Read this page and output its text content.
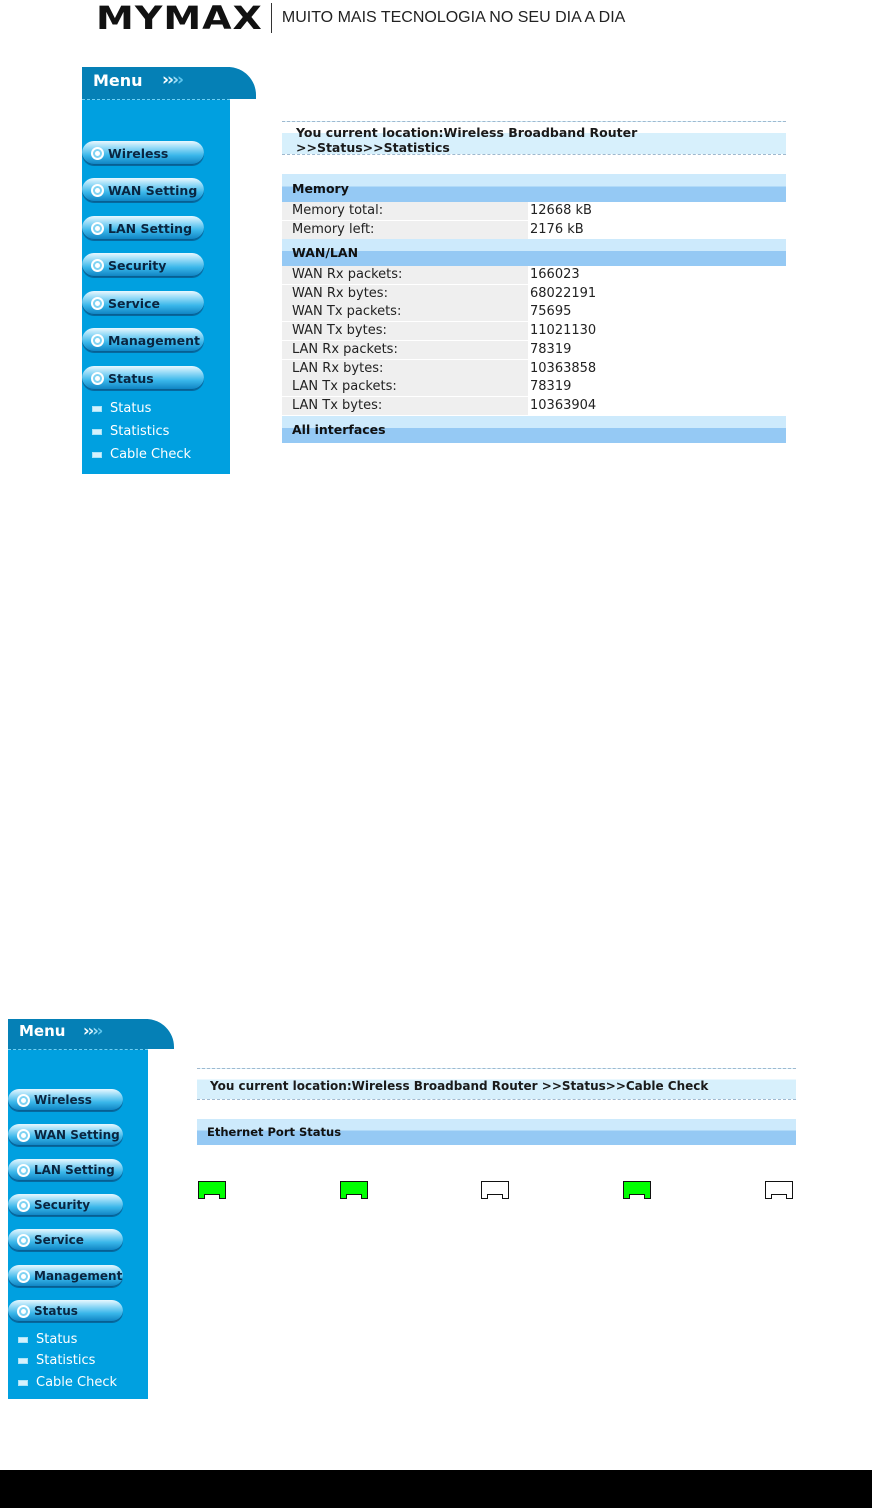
MYMAX MUITO MAIS TECNOLOGIA NO SEU DIA A DIA
Menu ››››
Wireless
WAN Setting
LAN Setting
Security
Service
Management
Status
Status
Statistics
Cable Check
You current location:Wireless Broadband Router >>Status>>Statistics
Memory
Memory total:	12668 kB
Memory left:	2176 kB
WAN/LAN
WAN Rx packets:	166023
WAN Rx bytes:	68022191
WAN Tx packets:	75695
WAN Tx bytes:	11021130
LAN Rx packets:	78319
LAN Rx bytes:	10363858
LAN Tx packets:	78319
LAN Tx bytes:	10363904
All interfaces
Menu ››››
Wireless
WAN Setting
LAN Setting
Security
Service
Management
Status
Status
Statistics
Cable Check
You current location:Wireless Broadband Router >>Status>>Cable Check
Ethernet Port Status
